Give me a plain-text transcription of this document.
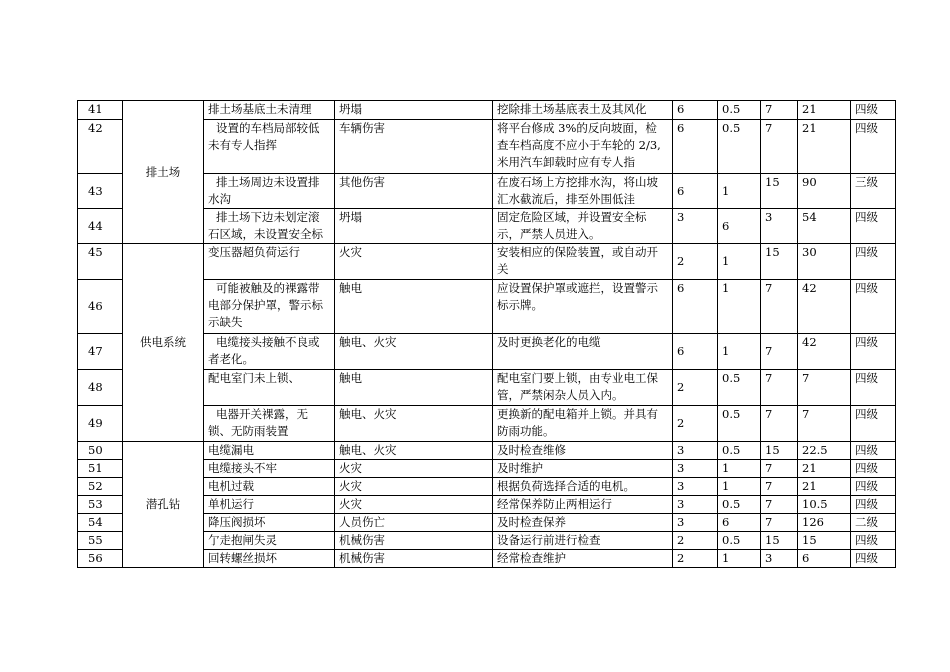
41	排土场	排土场基底土未清理	坍塌	挖除排土场基底表土及其风化	6	0.5	7	21	四级
42		设置的车档局部较低未有专人指挥	车辆伤害	将平台修成 3%的反向坡面，检查车档高度不应小于车轮的 2/3,米用汽车卸载时应有专人指	6	0.5	7	21	四级
43		排土场周边未设置排水沟	其他伤害	在废石场上方挖排水沟，将山坡汇水截流后，排至外围低洼	6	1	15	90	三级
44		排土场下边未划定滚石区域，未设置安全标	坍塌	固定危险区域，并设置安全标示，严禁人员进入。	3	6	3	54	四级
45	供电系统	变压器超负荷运行	火灾	安装相应的保险装置，或自动开关	2	1	15	30	四级
46		可能被触及的裸露带电部分保护罩，警示标示缺失	触电	应设置保护罩或遮拦，设置警示标示牌。	6	1	7	42	四级
47		电缆接头接触不良或者老化。	触电、火灾	及时更换老化的电缆	6	1	7	42	四级
48		配电室门未上锁、	触电	配电室门要上锁，由专业电工保管，严禁闲杂人员入内。	2	0.5	7	7	四级
49		电器开关裸露，无锁、无防雨装置	触电、火灾	更换新的配电箱并上锁。并具有防雨功能。	2	0.5	7	7	四级
50	潜孔钻	电缆漏电	触电、火灾	及时检查维修	3	0.5	15	22.5	四级
51		电缆接头不牢	火灾	及时维护	3	1	7	21	四级
52		电机过载	火灾	根据负荷选择合适的电机。	3	1	7	21	四级
53		单机运行	火灾	经常保养防止两相运行	3	0.5	7	10.5	四级
54		降压阀损坏	人员伤亡	及时检查保养	3	6	7	126	二级
55		亇走抱闸失灵	机械伤害	设备运行前进行检查	2	0.5	15	15	四级
56		回转螺丝损坏	机械伤害	经常检查维护	2	1	3	6	四级
